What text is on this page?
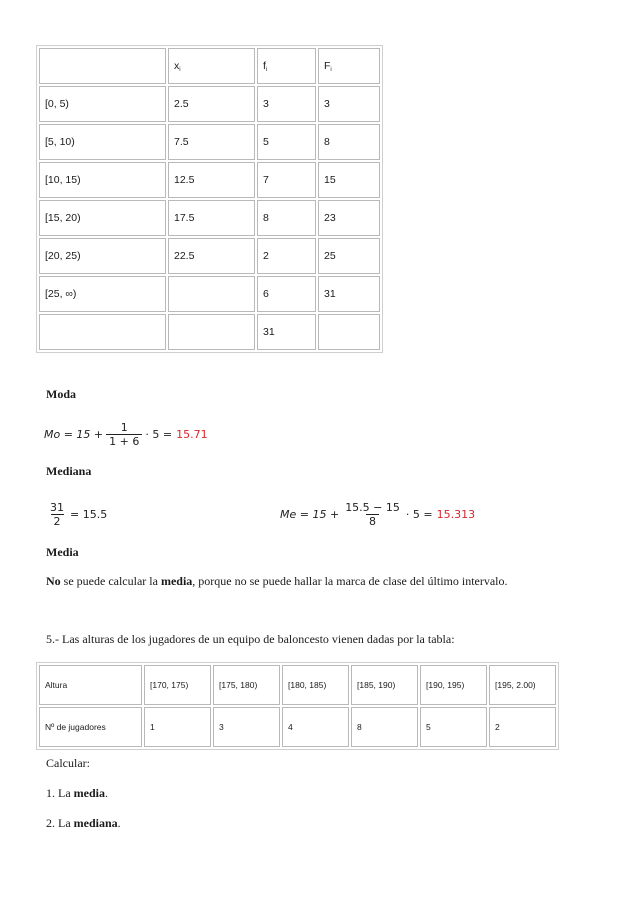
	$x_i$	$f_i$	$F_i$
[0, 5)	2.5	3	3
[5, 10)	7.5	5	8
[10, 15)	12.5	7	15
[15, 20)	17.5	8	23
[20, 25)	22.5	2	25
[25, ∞)		6	31
		31	
Moda
$Mo = 15 + \frac{1}{1 + 6} \cdot 5 = 15.71$
Mediana
$\frac{31}{2} = 15.5$	$Me = 15 + \frac{15.5 - 15}{8} \cdot 5 = 15.313$
Media
No se puede calcular la media, porque no se puede hallar la marca de clase del último intervalo.
5.- Las alturas de los jugadores de un equipo de baloncesto vienen dadas por la tabla:
Altura	[170, 175)	[175, 180)	[180, 185)	[185, 190)	[190, 195)	[195, 2.00)
Nº de jugadores	1	3	4	8	5	2
Calcular:
1. La media.
2. La mediana.
